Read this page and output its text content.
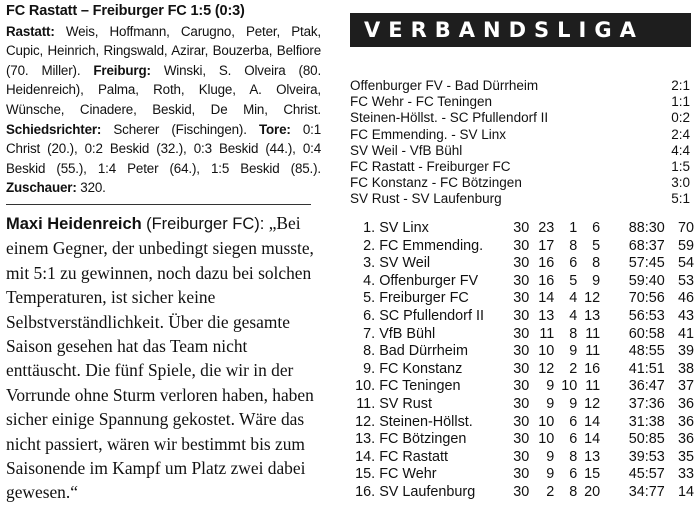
FC Rastatt – Freiburger FC 1:5 (0:3)
Rastatt: Weis, Hoffmann, Carugno, Peter, Ptak, Cupic, Heinrich, Ringswald, Azirar, Bouzerba, Belfiore (70. Miller). Freiburg: Winski, S. Olveira (80. Heidenreich), Palma, Roth, Kluge, A. Olveira, Wünsche, Cinadere, Beskid, De Min, Christ. Schiedsrichter: Scherer (Fischingen). Tore: 0:1 Christ (20.), 0:2 Beskid (32.), 0:3 Beskid (44.), 0:4 Beskid (55.), 1:4 Peter (64.), 1:5 Beskid (85.). Zuschauer: 320.
Maxi Heidenreich (Freiburger FC): „Bei einem Gegner, der unbedingt siegen musste, mit 5:1 zu gewinnen, noch dazu bei solchen Temperaturen, ist sicher keine Selbstverständlichkeit. Über die gesamte Saison gesehen hat das Team nicht enttäuscht. Die fünf Spiele, die wir in der Vorrunde ohne Sturm verloren haben, haben sicher einige Spannung gekostet. Wäre das nicht passiert, wären wir bestimmt bis zum Saisonende im Kampf um Platz zwei dabei gewesen.“
VERBANDSLIGA
Offenburger FV - Bad Dürrheim	2:1
FC Wehr - FC Teningen	1:1
Steinen-Höllst. - SC Pfullendorf II	0:2
FC Emmending. - SV Linx	2:4
SV Weil - VfB Bühl	4:4
FC Rastatt - Freiburger FC	1:5
FC Konstanz - FC Bötzingen	3:0
SV Rust - SV Laufenburg	5:1
1.	SV Linx	30	23	1	6	88:30	70
2.	FC Emmending.	30	17	8	5	68:37	59
3.	SV Weil	30	16	6	8	57:45	54
4.	Offenburger FV	30	16	5	9	59:40	53
5.	Freiburger FC	30	14	4	12	70:56	46
6.	SC Pfullendorf II	30	13	4	13	56:53	43
7.	VfB Bühl	30	11	8	11	60:58	41
8.	Bad Dürrheim	30	10	9	11	48:55	39
9.	FC Konstanz	30	12	2	16	41:51	38
10.	FC Teningen	30	9	10	11	36:47	37
11.	SV Rust	30	9	9	12	37:36	36
12.	Steinen-Höllst.	30	10	6	14	31:38	36
13.	FC Bötzingen	30	10	6	14	50:85	36
14.	FC Rastatt	30	9	8	13	39:53	35
15.	FC Wehr	30	9	6	15	45:57	33
16.	SV Laufenburg	30	2	8	20	34:77	14
